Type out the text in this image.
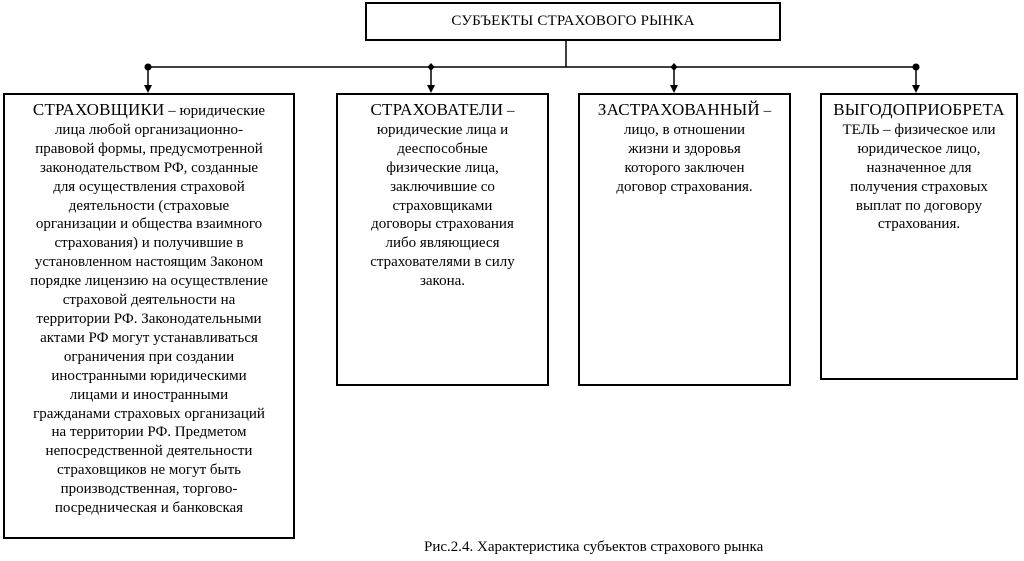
СУБЪЕКТЫ СТРАХОВОГО РЫНКА
СТРАХОВЩИКИ – юридические
лица любой организационно-
правовой формы, предусмотренной
законодательством РФ, созданные
для осуществления страховой
деятельности (страховые
организации и общества взаимного
страхования) и получившие в
установленном настоящим Законом
порядке лицензию на осуществление
страховой деятельности на
территории РФ. Законодательными
актами РФ могут устанавливаться
ограничения при создании
иностранными юридическими
лицами и иностранными
гражданами страховых организаций
на территории РФ. Предметом
непосредственной деятельности
страховщиков не могут быть
производственная, торгово-
посредническая и банковская
СТРАХОВАТЕЛИ –
юридические лица и
дееспособные
физические лица,
заключившие со
страховщиками
договоры страхования
либо являющиеся
страхователями в силу
закона.
ЗАСТРАХОВАННЫЙ –
лицо, в отношении
жизни и здоровья
которого заключен
договор страхования.
ВЫГОДОПРИОБРЕТА
ТЕЛЬ – физическое или
юридическое лицо,
назначенное для
получения страховых
выплат по договору
страхования.
Рис.2.4. Характеристика субъектов страхового рынка
